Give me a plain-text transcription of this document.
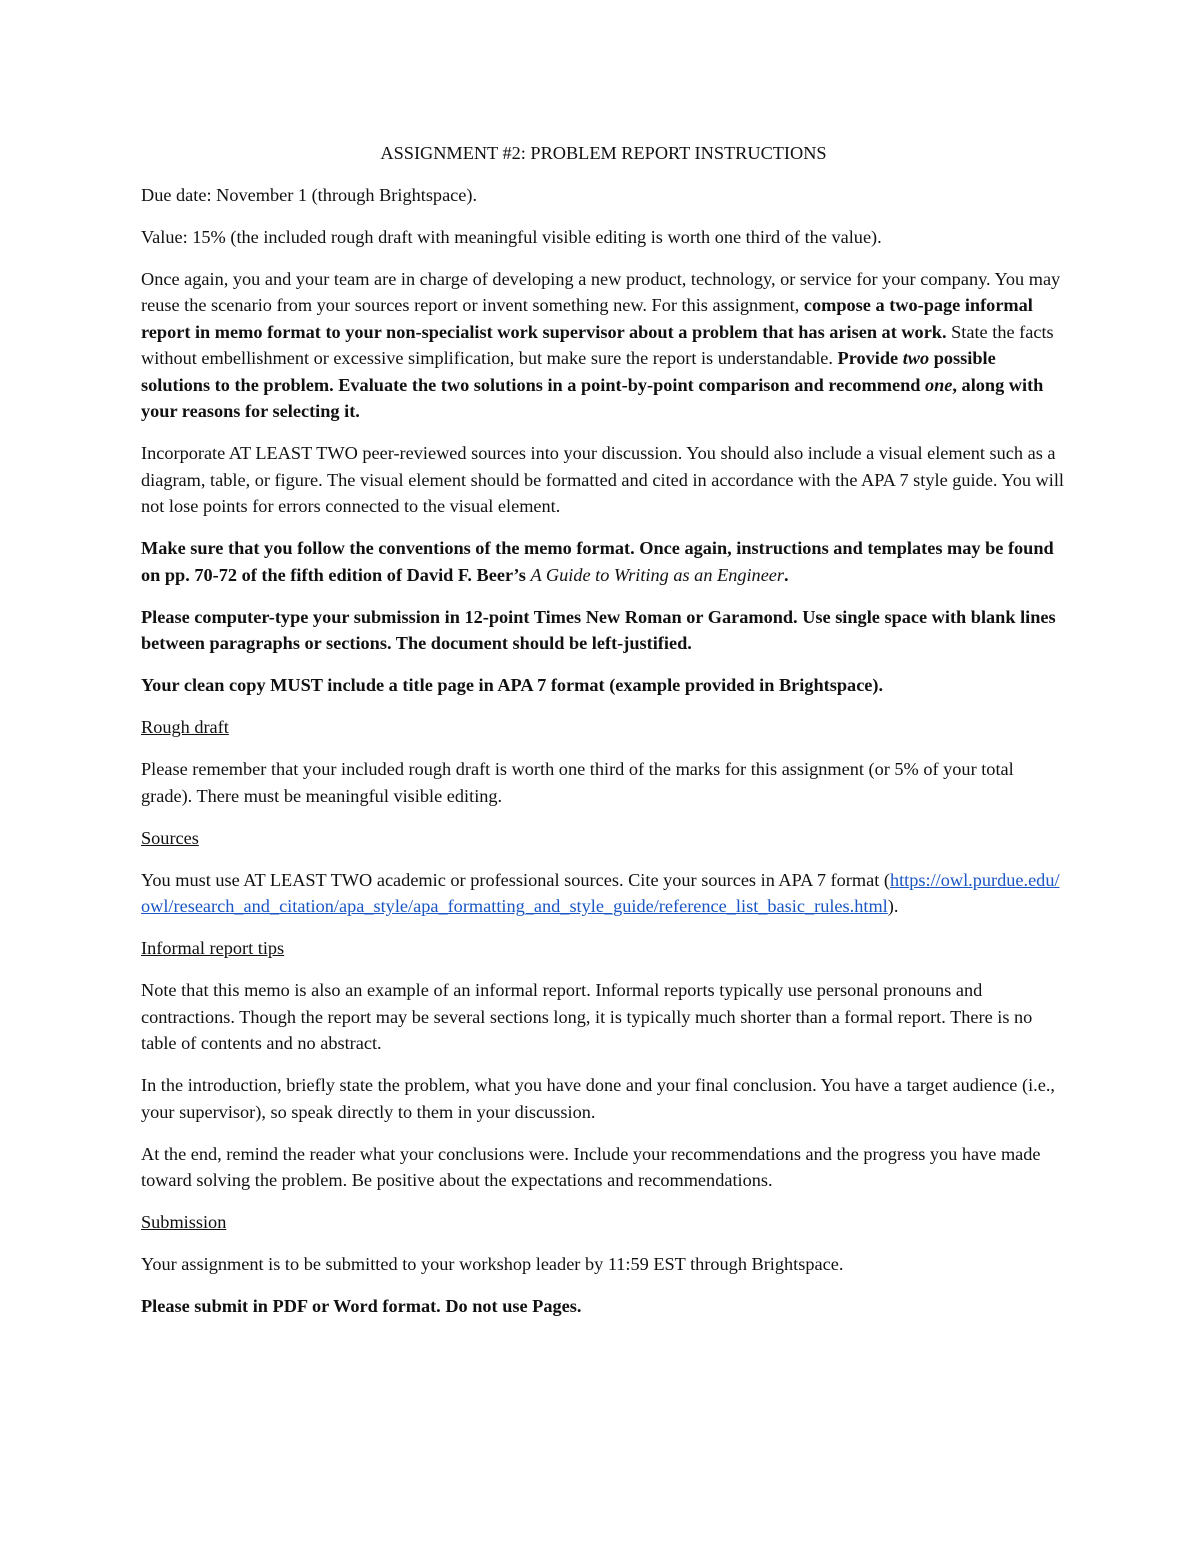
ASSIGNMENT #2: PROBLEM REPORT INSTRUCTIONS

Due date: November 1 (through Brightspace).

Value: 15% (the included rough draft with meaningful visible editing is worth one third of the value).

Once again, you and your team are in charge of developing a new product, technology, or service for your company. You may reuse the scenario from your sources report or invent something new. For this assignment, compose a two-page informal report in memo format to your non-specialist work supervisor about a problem that has arisen at work. State the facts without embellishment or excessive simplification, but make sure the report is understandable. Provide two possible solutions to the problem. Evaluate the two solutions in a point-by-point comparison and recommend one, along with your reasons for selecting it.

Incorporate AT LEAST TWO peer-reviewed sources into your discussion. You should also include a visual element such as a diagram, table, or figure. The visual element should be formatted and cited in accordance with the APA 7 style guide. You will not lose points for errors connected to the visual element.

Make sure that you follow the conventions of the memo format. Once again, instructions and templates may be found on pp. 70-72 of the fifth edition of David F. Beer’s A Guide to Writing as an Engineer.

Please computer-type your submission in 12-point Times New Roman or Garamond. Use single space with blank lines between paragraphs or sections. The document should be left-justified.

Your clean copy MUST include a title page in APA 7 format (example provided in Brightspace).

Rough draft

Please remember that your included rough draft is worth one third of the marks for this assignment (or 5% of your total grade). There must be meaningful visible editing.

Sources

You must use AT LEAST TWO academic or professional sources. Cite your sources in APA 7 format (https://owl.purdue.edu/owl/research_and_citation/apa_style/apa_formatting_and_style_guide/reference_list_basic_rules.html).

Informal report tips

Note that this memo is also an example of an informal report. Informal reports typically use personal pronouns and contractions. Though the report may be several sections long, it is typically much shorter than a formal report. There is no table of contents and no abstract.

In the introduction, briefly state the problem, what you have done and your final conclusion. You have a target audience (i.e., your supervisor), so speak directly to them in your discussion.

At the end, remind the reader what your conclusions were. Include your recommendations and the progress you have made toward solving the problem. Be positive about the expectations and recommendations.

Submission

Your assignment is to be submitted to your workshop leader by 11:59 EST through Brightspace.

Please submit in PDF or Word format. Do not use Pages.
